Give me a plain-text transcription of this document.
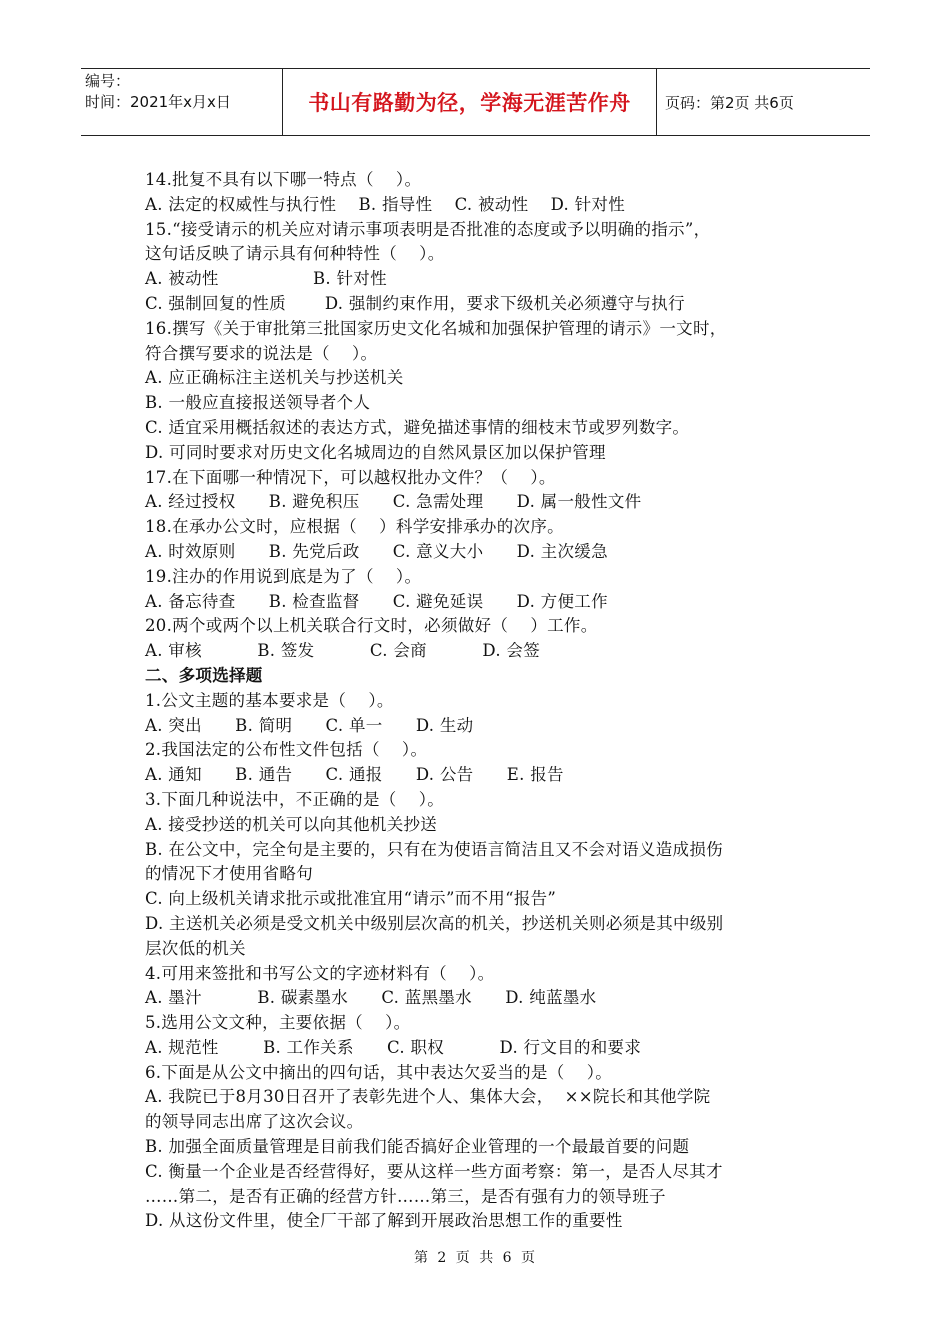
编号：
时间：2021年x月x日	书山有路勤为径，学海无涯苦作舟	页码：第2页 共6页
14.批复不具有以下哪一特点（    ）。
A. 法定的权威性与执行性    B. 指导性    C. 被动性    D. 针对性
15.“接受请示的机关应对请示事项表明是否批准的态度或予以明确的指示”，
这句话反映了请示具有何种特性（    ）。
A. 被动性                 B. 针对性
C. 强制回复的性质       D. 强制约束作用，要求下级机关必须遵守与执行
16.撰写《关于审批第三批国家历史文化名城和加强保护管理的请示》一文时，
符合撰写要求的说法是（    ）。
A. 应正确标注主送机关与抄送机关
B. 一般应直接报送领导者个人
C. 适宜采用概括叙述的表达方式，避免描述事情的细枝末节或罗列数字。
D. 可同时要求对历史文化名城周边的自然风景区加以保护管理
17.在下面哪一种情况下，可以越权批办文件？（    ）。
A. 经过授权      B. 避免积压      C. 急需处理      D. 属一般性文件
18.在承办公文时，应根据（    ）科学安排承办的次序。
A. 时效原则      B. 先党后政      C. 意义大小      D. 主次缓急
19.注办的作用说到底是为了（    ）。
A. 备忘待查      B. 检查监督      C. 避免延误      D. 方便工作
20.两个或两个以上机关联合行文时，必须做好（    ）工作。
A. 审核          B. 签发          C. 会商          D. 会签
二、多项选择题
1.公文主题的基本要求是（    ）。
A. 突出      B. 简明      C. 单一      D. 生动
2.我国法定的公布性文件包括（    ）。
A. 通知      B. 通告      C. 通报      D. 公告      E. 报告
3.下面几种说法中，不正确的是（    ）。
A. 接受抄送的机关可以向其他机关抄送
B. 在公文中，完全句是主要的，只有在为使语言简洁且又不会对语义造成损伤
的情况下才使用省略句
C. 向上级机关请求批示或批准宜用“请示”而不用“报告”
D. 主送机关必须是受文机关中级别层次高的机关，抄送机关则必须是其中级别
层次低的机关
4.可用来签批和书写公文的字迹材料有（    ）。
A. 墨汁          B. 碳素墨水      C. 蓝黑墨水      D. 纯蓝墨水
5.选用公文文种，主要依据（    ）。
A. 规范性        B. 工作关系      C. 职权          D. 行文目的和要求
6.下面是从公文中摘出的四句话，其中表达欠妥当的是（    ）。
A. 我院已于8月30日召开了表彰先进个人、集体大会，  ××院长和其他学院
的领导同志出席了这次会议。
B. 加强全面质量管理是目前我们能否搞好企业管理的一个最最首要的问题
C. 衡量一个企业是否经营得好，要从这样一些方面考察：第一，是否人尽其才
……第二，是否有正确的经营方针……第三，是否有强有力的领导班子
D. 从这份文件里，使全厂干部了解到开展政治思想工作的重要性
第 2 页 共 6 页
